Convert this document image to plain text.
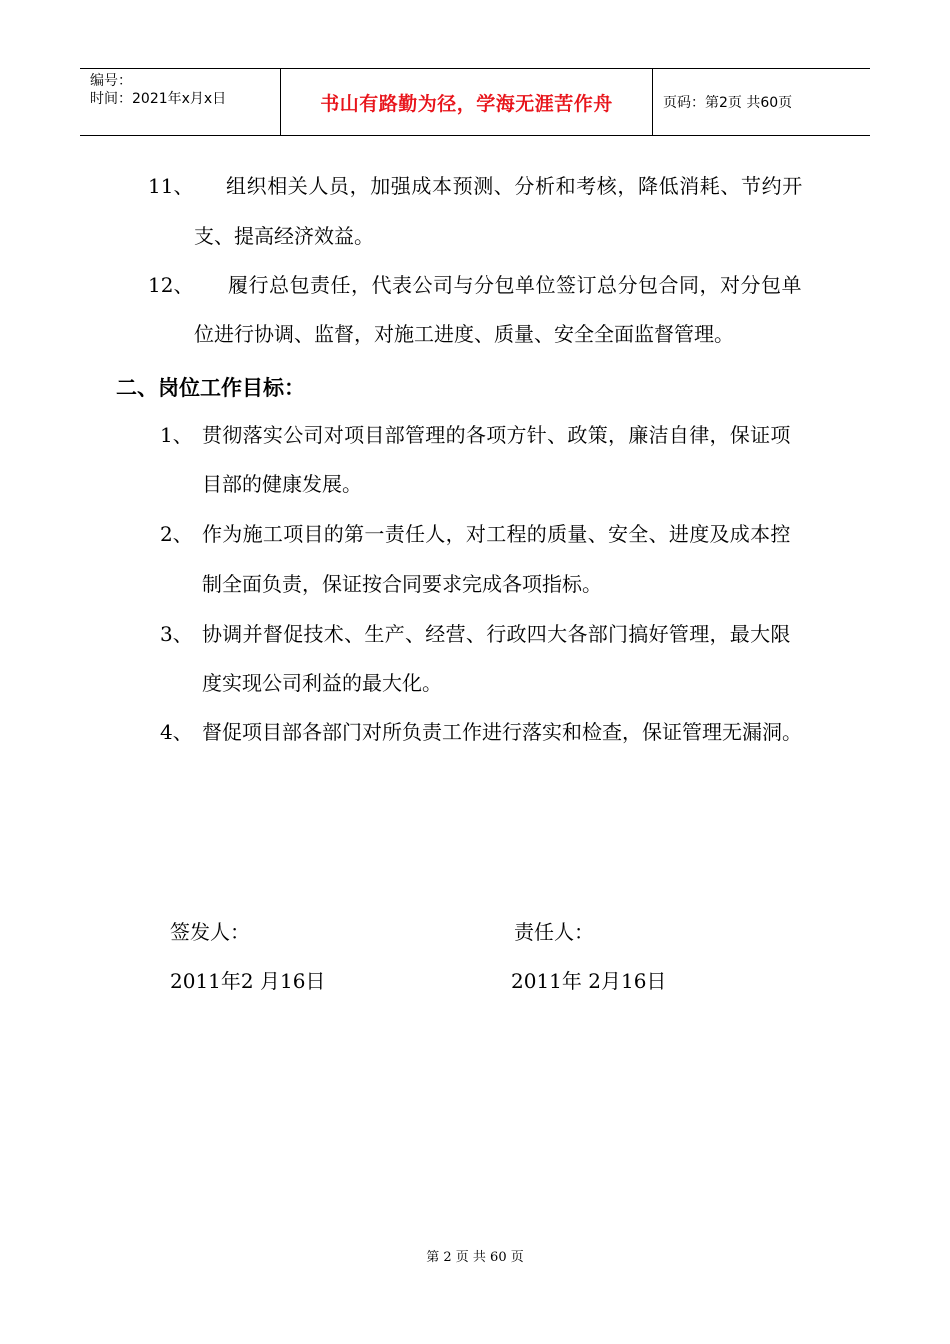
编号：
时间：2021年x月x日	书山有路勤为径，学海无涯苦作舟	页码：第2页 共60页
11、 组织相关人员，加强成本预测、分析和考核，降低消耗、节约开
支、提高经济效益。
12、 履行总包责任，代表公司与分包单位签订总分包合同，对分包单
位进行协调、监督，对施工进度、质量、安全全面监督管理。
二、岗位工作目标：
1、 贯彻落实公司对项目部管理的各项方针、政策，廉洁自律，保证项
目部的健康发展。
2、 作为施工项目的第一责任人，对工程的质量、安全、进度及成本控
制全面负责，保证按合同要求完成各项指标。
3、 协调并督促技术、生产、经营、行政四大各部门搞好管理，最大限
度实现公司利益的最大化。
4、 督促项目部各部门对所负责工作进行落实和检查，保证管理无漏洞。
签发人：	责任人：
2011年2 月16日	2011年 2月16日
第 2 页 共 60 页
